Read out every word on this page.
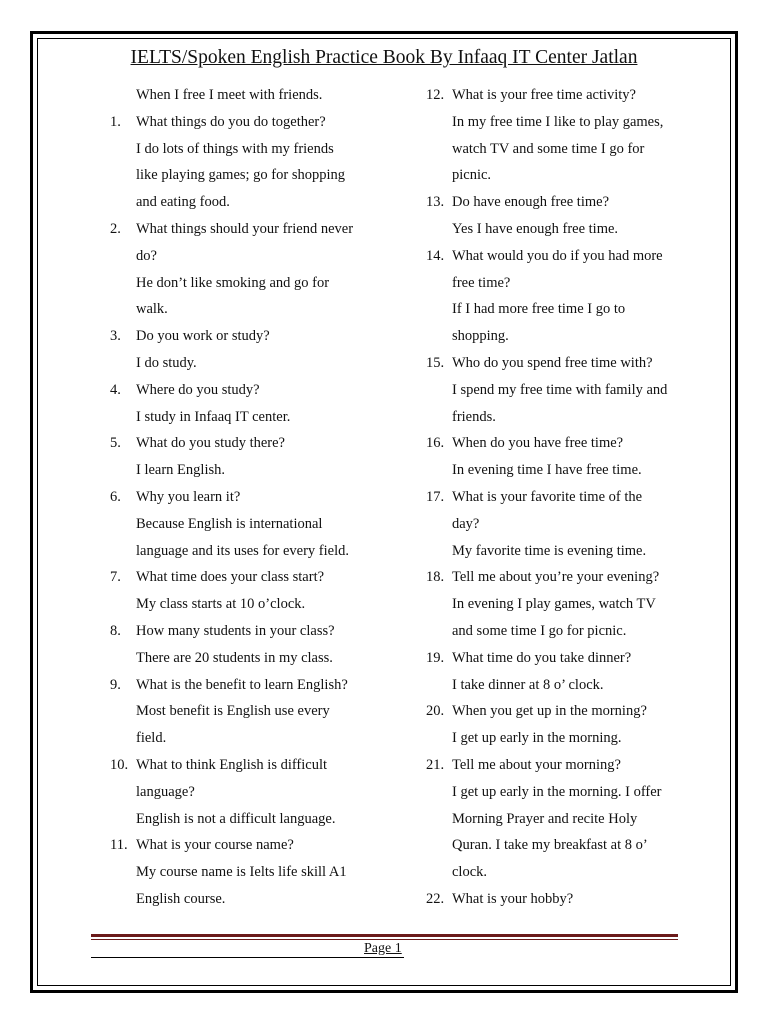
IELTS/Spoken English Practice Book By Infaaq IT Center Jatlan
When I free I meet with friends.
1.	What things do you do together?
I do lots of things with my friends
like playing games; go for shopping
and eating food.
2.	What things should your friend never
do?
He don’t like smoking and go for
walk.
3.	Do you work or study?
I do study.
4.	Where do you study?
I study in Infaaq IT center.
5.	What do you study there?
I learn English.
6.	Why you learn it?
Because English is international
language and its uses for every field.
7.	What time does your class start?
My class starts at 10 o’clock.
8.	How many students in your class?
There are 20 students in my class.
9.	What is the benefit to learn English?
Most benefit is English use every
field.
10. What to think English is difficult
language?
English is not a difficult language.
11. What is your course name?
My course name is Ielts life skill A1
English course.
12. What is your free time activity?
In my free time I like to play games,
watch TV and some time I go for
picnic.
13. Do have enough free time?
Yes I have enough free time.
14. What would you do if you had more
free time?
If I had more free time I go to
shopping.
15. Who do you spend free time with?
I spend my free time with family and
friends.
16. When do you have free time?
In evening time I have free time.
17. What is your favorite time of the
day?
My favorite time is evening time.
18. Tell me about you’re your evening?
In evening I play games, watch TV
and some time I go for picnic.
19. What time do you take dinner?
I take dinner at 8 o’ clock.
20. When you get up in the morning?
I get up early in the morning.
21. Tell me about your morning?
I get up early in the morning. I offer
Morning Prayer and recite Holy
Quran. I take my breakfast at 8 o’
clock.
22. What is your hobby?
Page 1
